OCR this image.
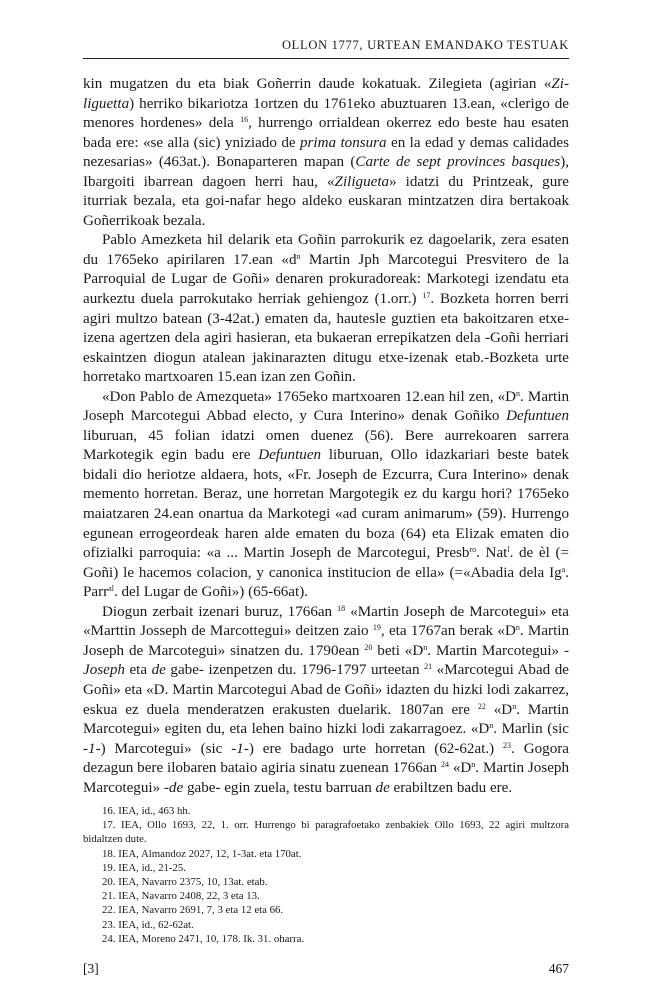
OLLON 1777, URTEAN EMANDAKO TESTUAK

kin mugatzen du eta biak Goñerrin daude kokatuak. Zilegieta (agirian «Zi-liguetta) herriko bikariotza 1ortzen du 1761eko abuztuaren 13.ean, «clerigo de menores hordenes» dela $^{16}$, hurrengo orrialdean okerrez edo beste hau esaten bada ere: «se alla (sic) yniziado de prima tonsura en la edad y demas calidades nezesarias» (463at.). Bonaparteren mapan (Carte de sept provinces basques), Ibargoiti ibarrean dagoen herri hau, «Ziligueta» idatzi du Printzeak, gure iturriak bezala, eta goi-nafar hego aldeko euskaran mintzatzen dira bertakoak Goñerrikoak bezala.

Pablo Amezketa hil delarik eta Goñin parrokurik ez dagoelarik, zera esaten du 1765eko apirilaren 17.ean «$d^n$ Martin Jph Marcotegui Presvitero de la Parroquial de Lugar de Goñi» denaren prokuradoreak: Markotegi izendatu eta aurkeztu duela parrokutako herriak gehiengoz (1.orr.) $^{17}$. Bozketa horren berri agiri multzo batean (3-42at.) ematen da, hautesle guztien eta bakoitzaren etxe-izena agertzen dela agiri hasieran, eta bukaeran errepikatzen dela -Goñi herriari eskaintzen diogun atalean jakinarazten ditugu etxe-izenak etab.-Bozketa urte horretako martxoaren 15.ean izan zen Goñin.

«Don Pablo de Amezqueta» 1765eko martxoaren 12.ean hil zen, «$D^n$. Martin Joseph Marcotegui Abbad electo, y Cura Interino» denak Goñiko Defuntuen liburuan, 45 folian idatzi omen duenez (56). Bere aurrekoaren sarrera Markotegik egin badu ere Defuntuen liburuan, Ollo idazkariari beste batek bidali dio heriotze aldaera, hots, «Fr. Joseph de Ezcurra, Cura Interino» denak memento horretan. Beraz, une horretan Margotegik ez du kargu hori? 1765eko maiatzaren 24.ean onartua da Markotegi «ad curam animarum» (59). Hurrengo egunean errogeordeak haren alde ematen du boza (64) eta Elizak ematen dio ofizialki parroquia: «a ... Martin Joseph de Marcotegui, Presb$^{ro}$. Nat$^l$. de èl (= Goñi) le hacemos colacion, y canonica institucion de ella» (=«Abadia dela Ig$^a$. Parr$^{al}$. del Lugar de Goñi») (65-66at).

Diogun zerbait izenari buruz, 1766an $^{18}$ «Martin Joseph de Marcotegui» eta «Marttin Josseph de Marcottegui» deitzen zaio $^{19}$, eta 1767an berak «$D^n$. Martin Joseph de Marcotegui» sinatzen du. 1790ean $^{20}$ beti «$D^n$. Martin Marcotegui» -Joseph eta de gabe- izenpetzen du. 1796-1797 urteetan $^{21}$ «Marcotegui Abad de Goñi» eta «D. Martin Marcotegui Abad de Goñi» idazten du hizki lodi zakarrez, eskua ez duela menderatzen erakusten duelarik. 1807an ere $^{22}$ «$D^n$. Martin Marcotegui» egiten du, eta lehen baino hizki lodi zakarragoez. «$D^n$. Marlin (sic -1-) Marcotegui» (sic -1-) ere badago urte horretan (62-62at.) $^{23}$. Gogora dezagun bere ilobaren bataio agiria sinatu zuenean 1766an $^{24}$ «$D^n$. Martin Joseph Marcotegui» -de gabe- egin zuela, testu barruan de erabiltzen badu ere.

16. IEA, id., 463 hh.

17. IEA, Ollo 1693, 22, 1. orr. Hurrengo bi paragrafoetako zenbakiek Ollo 1693, 22 agiri multzora bidaltzen dute.

18. IEA, Almandoz 2027, 12, 1-3at. eta 170at.

19. IEA, id., 21-25.

20. IEA, Navarro 2375, 10, 13at. etab.

21. IEA, Navarro 2408, 22, 3 eta 13.

22. IEA, Navarro 2691, 7, 3 eta 12 eta 66.

23. IEA, id., 62-62at.

24. IEA, Moreno 2471, 10, 178. Ik. 31. oharra.

[3]	467
